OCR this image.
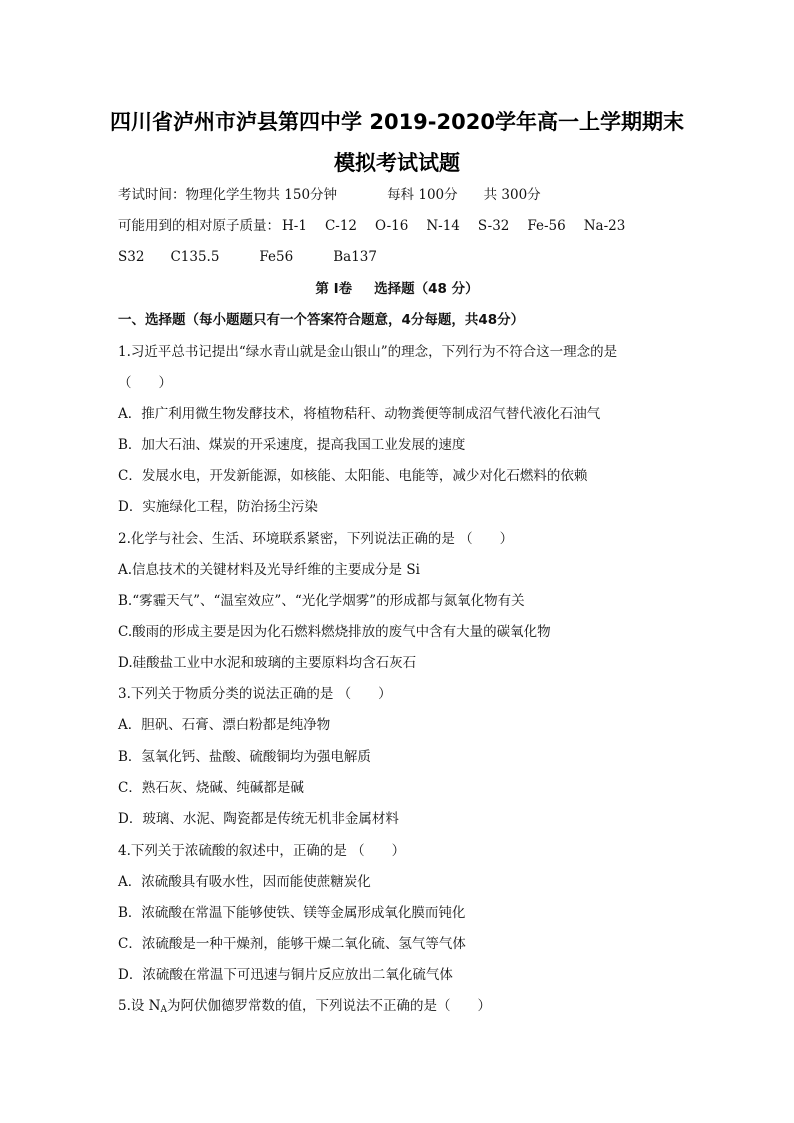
四川省泸州市泸县第四中学 2019-2020学年高一上学期期末
模拟考试试题
考试时间：物理化学生物共 150分钟	每科 100分 共 300分
可能用到的相对原子质量： H-1 C-12 O-16 N-14 S-32 Fe-56 Na-23
S32 C135.5	Fe56	Ba137
第 I卷 选择题（48 分）
一、选择题（每小题题只有一个答案符合题意，4分每题，共48分）
1.习近平总书记提出“绿水青山就是金山银山”的理念，下列行为不符合这一理念的是
（　　）
A．推广利用微生物发酵技术，将植物秸秆、动物粪便等制成沼气替代液化石油气
B．加大石油、煤炭的开采速度，提高我国工业发展的速度
C．发展水电，开发新能源，如核能、太阳能、电能等，减少对化石燃料的依赖
D．实施绿化工程，防治扬尘污染
2.化学与社会、生活、环境联系紧密，下列说法正确的是 （　　）
A.信息技术的关键材料及光导纤维的主要成分是 Si
B.“雾霾天气”、“温室效应”、“光化学烟雾”的形成都与氮氧化物有关
C.酸雨的形成主要是因为化石燃料燃烧排放的废气中含有大量的碳氧化物
D.硅酸盐工业中水泥和玻璃的主要原料均含石灰石
3.下列关于物质分类的说法正确的是 （　　）
A．胆矾、石膏、漂白粉都是纯净物
B．氢氧化钙、盐酸、硫酸铜均为强电解质
C．熟石灰、烧碱、纯碱都是碱
D．玻璃、水泥、陶瓷都是传统无机非金属材料
4.下列关于浓硫酸的叙述中，正确的是 （　　）
A．浓硫酸具有吸水性，因而能使蔗糖炭化
B．浓硫酸在常温下能够使铁、镁等金属形成氧化膜而钝化
C．浓硫酸是一种干燥剂，能够干燥二氧化硫、氢气等气体
D．浓硫酸在常温下可迅速与铜片反应放出二氧化硫气体
5.设 $N_A$为阿伏伽德罗常数的值，下列说法不正确的是（　　）
